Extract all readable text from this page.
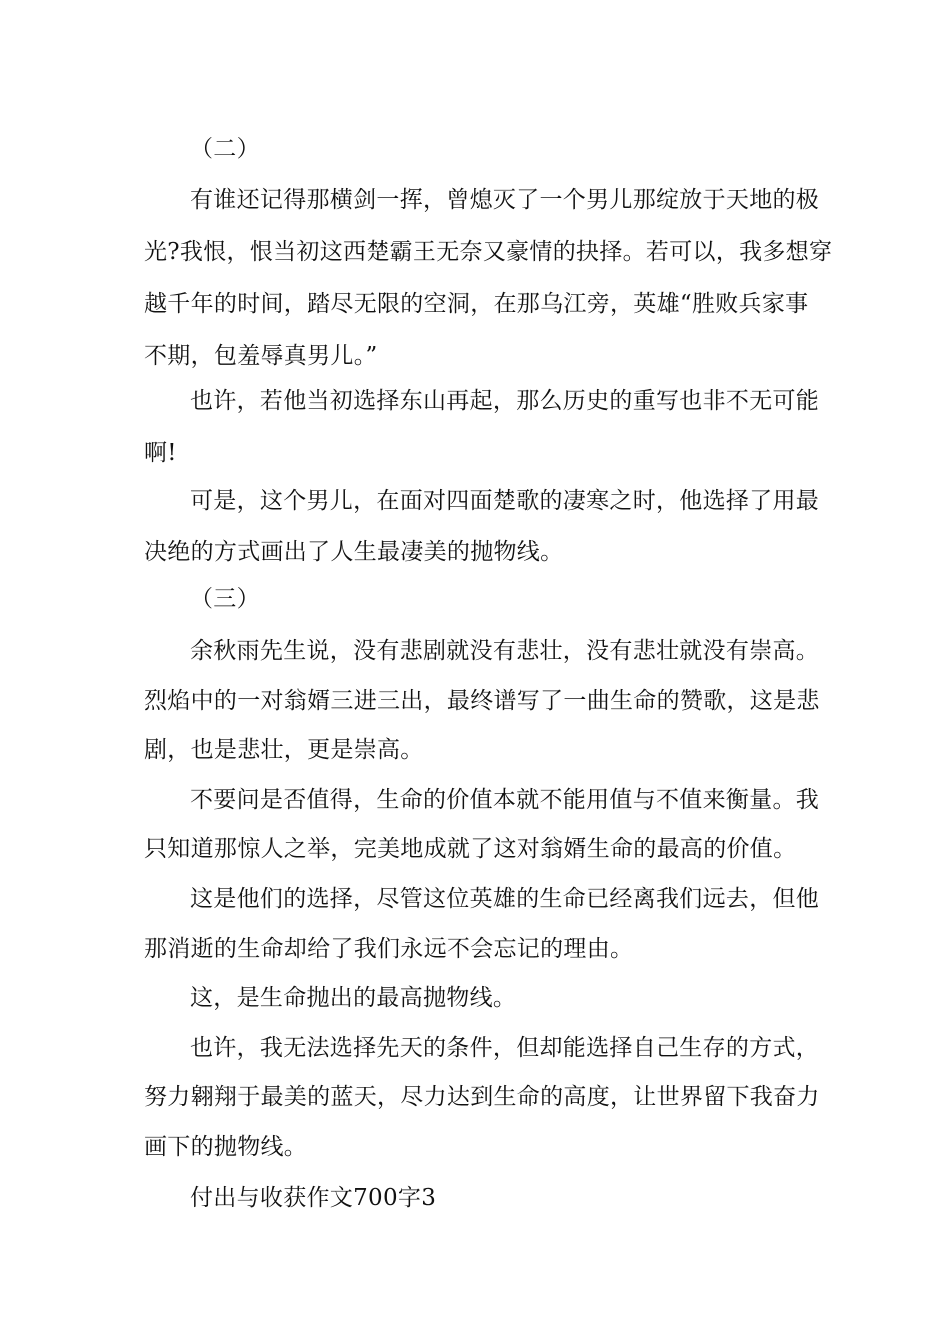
（二）
有谁还记得那横剑一挥，曾熄灭了一个男儿那绽放于天地的极
光?我恨，恨当初这西楚霸王无奈又豪情的抉择。若可以，我多想穿
越千年的时间，踏尽无限的空洞，在那乌江旁，英雄“胜败兵家事
不期，包羞辱真男儿。”
也许，若他当初选择东山再起，那么历史的重写也非不无可能
啊!
可是，这个男儿，在面对四面楚歌的凄寒之时，他选择了用最
决绝的方式画出了人生最凄美的抛物线。
（三）
余秋雨先生说，没有悲剧就没有悲壮，没有悲壮就没有崇高。
烈焰中的一对翁婿三进三出，最终谱写了一曲生命的赞歌，这是悲
剧，也是悲壮，更是崇高。
不要问是否值得，生命的价值本就不能用值与不值来衡量。我
只知道那惊人之举，完美地成就了这对翁婿生命的最高的价值。
这是他们的选择，尽管这位英雄的生命已经离我们远去，但他
那消逝的生命却给了我们永远不会忘记的理由。
这，是生命抛出的最高抛物线。
也许，我无法选择先天的条件，但却能选择自己生存的方式，
努力翱翔于最美的蓝天，尽力达到生命的高度，让世界留下我奋力
画下的抛物线。
付出与收获作文700字3
